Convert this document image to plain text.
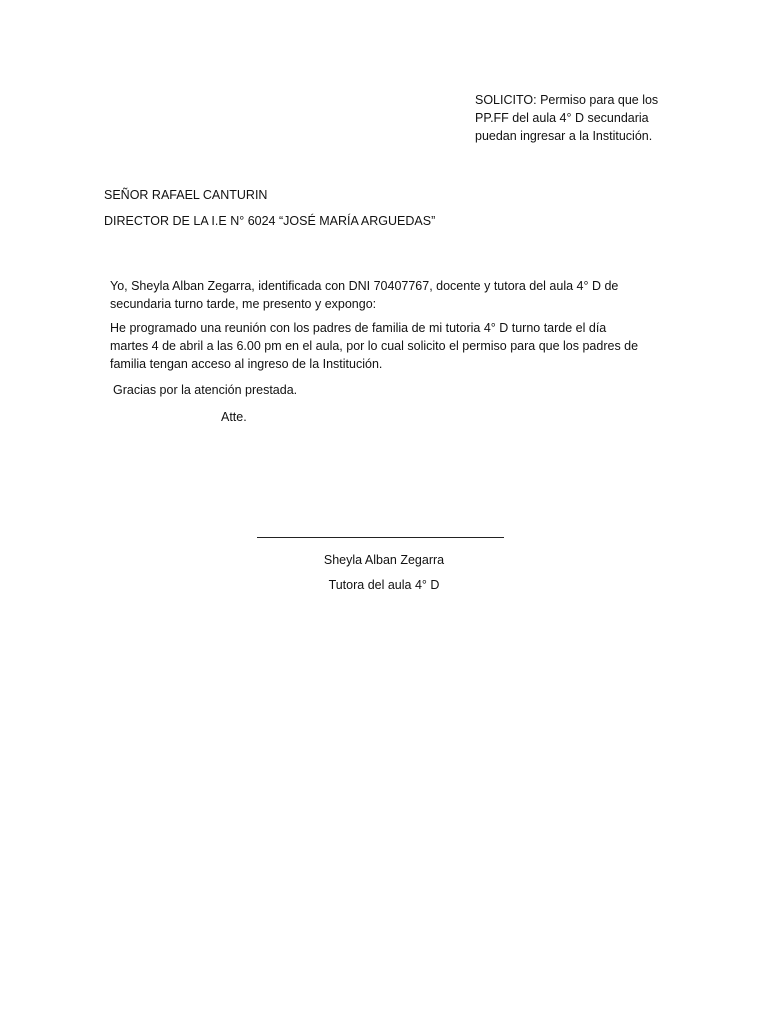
SOLICITO: Permiso para que los
PP.FF del aula 4° D secundaria
puedan ingresar a la Institución.
SEÑOR RAFAEL CANTURIN
DIRECTOR DE LA I.E N° 6024 “JOSÉ MARÍA ARGUEDAS”

Yo, Sheyla Alban Zegarra, identificada con DNI 70407767, docente y tutora del aula 4° D de
secundaria turno tarde, me presento y expongo:

He programado una reunión con los padres de familia de mi tutoria 4° D turno tarde el día
martes 4 de abril a las 6.00 pm en el aula, por lo cual solicito el permiso para que los padres de
familia tengan acceso al ingreso de la Institución.

Gracias por la atención prestada.

Atte.

Sheyla Alban Zegarra
Tutora del aula 4° D
